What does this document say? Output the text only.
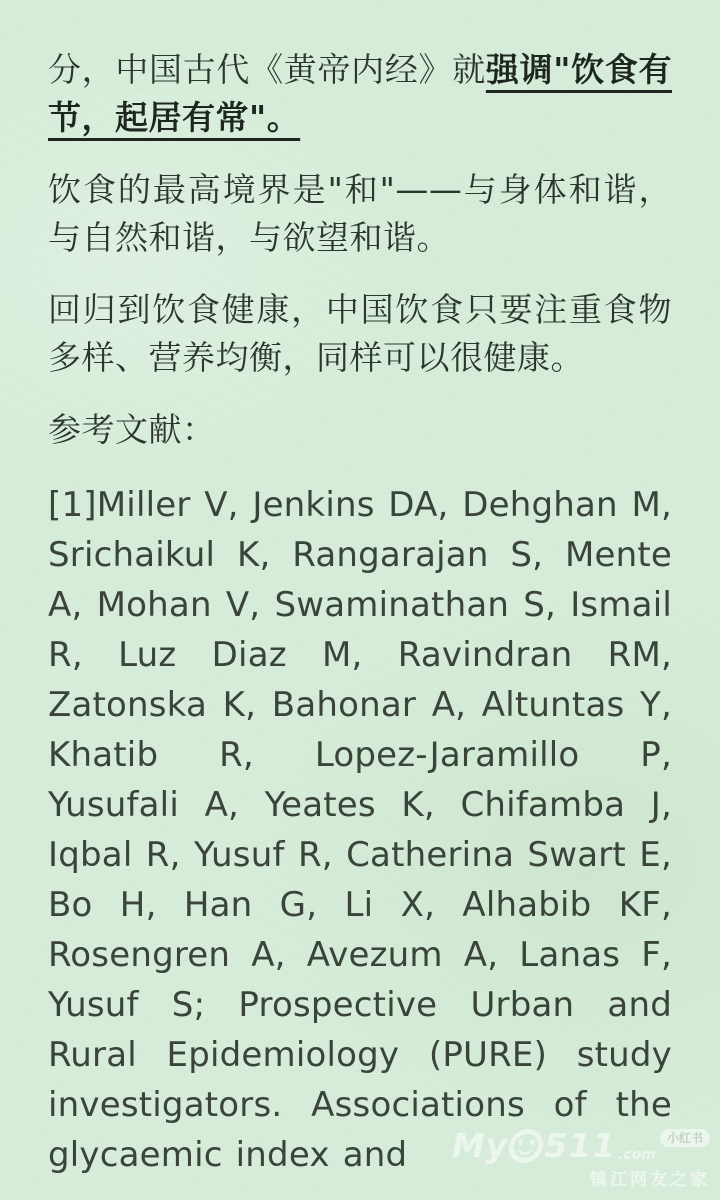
分，中国古代《黄帝内经》就强调"饮食有节，起居有常"。

饮食的最高境界是"和"——与身体和谐，与自然和谐，与欲望和谐。

回归到饮食健康，中国饮食只要注重食物多样、营养均衡，同样可以很健康。

参考文献：

[1]Miller V, Jenkins DA, Dehghan M, Srichaikul K, Rangarajan S, Mente A, Mohan V, Swaminathan S, Ismail R, Luz Diaz M, Ravindran RM, Zatonska K, Bahonar A, Altuntas Y, Khatib R, Lopez-Jaramillo P, Yusufali A, Yeates K, Chifamba J, Iqbal R, Yusuf R, Catherina Swart E, Bo H, Han G, Li X, Alhabib KF, Rosengren A, Avezum A, Lanas F, Yusuf S; Prospective Urban and Rural Epidemiology (PURE) study investigators. Associations of the glycaemic index and	My 511 .com
小红书
镇江网友之家
